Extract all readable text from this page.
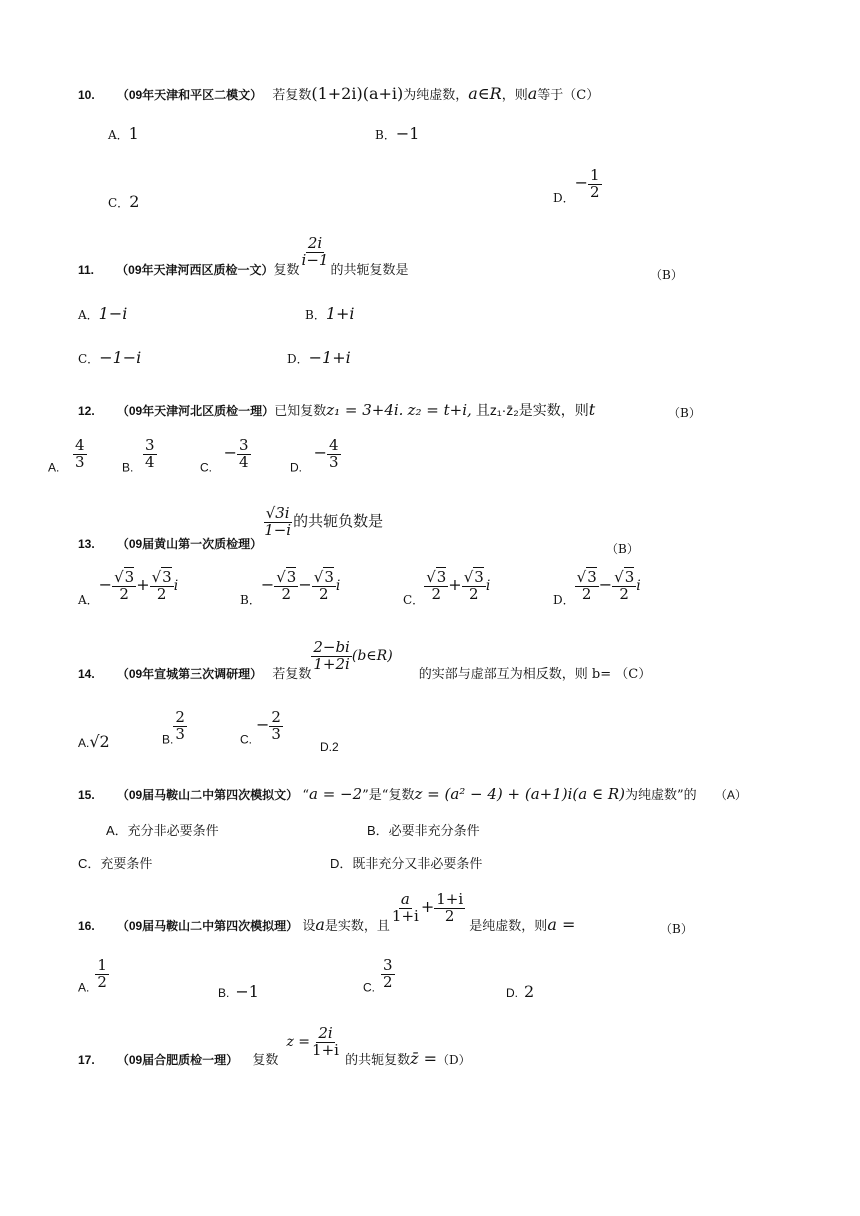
10. （09年天津和平区二模文） 若复数(1+2i)(a+i)为纯虚数，a∈R，则a等于（C）
A．1	B．−1
C．2	D．− $\frac{1}{2}$
11. （09年天津河西区质检一文）复数
$\frac{2i}{i-1}$
的共轭复数是	（B）
A．1−i	B．1+i
C．−1−i	D．−1+i
12. （09年天津河北区质检一理）已知复数z₁ = 3+4i. z₂ = t+i, 且z₁·z̄₂是实数，则t	（B）
A. $\frac{4}{3}$	B. $\frac{3}{4}$	C. − $\frac{3}{4}$	D. − $\frac{4}{3}$
13. （09届黄山第一次质检理）
$\frac{√3i}{1-i}$ 的共轭负数是
（B）
A．− $\frac{√3}{2} + \frac{√3}{2}$ i
B．− $\frac{√3}{2} - \frac{√3}{2}$ i
C． $\frac{√3}{2} + \frac{√3}{2}$ i
D． $\frac{√3}{2} - \frac{√3}{2}$ i
14. （09年宣城第三次调研理） 若复数
$\frac{2-bi}{1+2i}$ (b∈R) 的实部与虚部互为相反数，则 b= （C）
A.√2	B. $\frac{2}{3}$	$C.- \frac{2}{3}$
D.2
15. （09届马鞍山二中第四次模拟文） “a = −2”是“复数z = (a² − 4) + (a+1)i(a ∈ R)为纯虚数”的 （A）
A．充分非必要条件	B．必要非充分条件
C．充要条件	D．既非充分又非必要条件
16. （09届马鞍山二中第四次模拟理） 设a是实数，且
$\frac{a}{1+i} + \frac{1+i}{2}$
是纯虚数，则a =	（B）
A. $\frac{1}{2}$
B. −1	C. $\frac{3}{2}$
D. 2
17. （09届合肥质检一理） 复数 $z = \frac{2i}{1+i}$
的共轭复数z̄ =（D）
